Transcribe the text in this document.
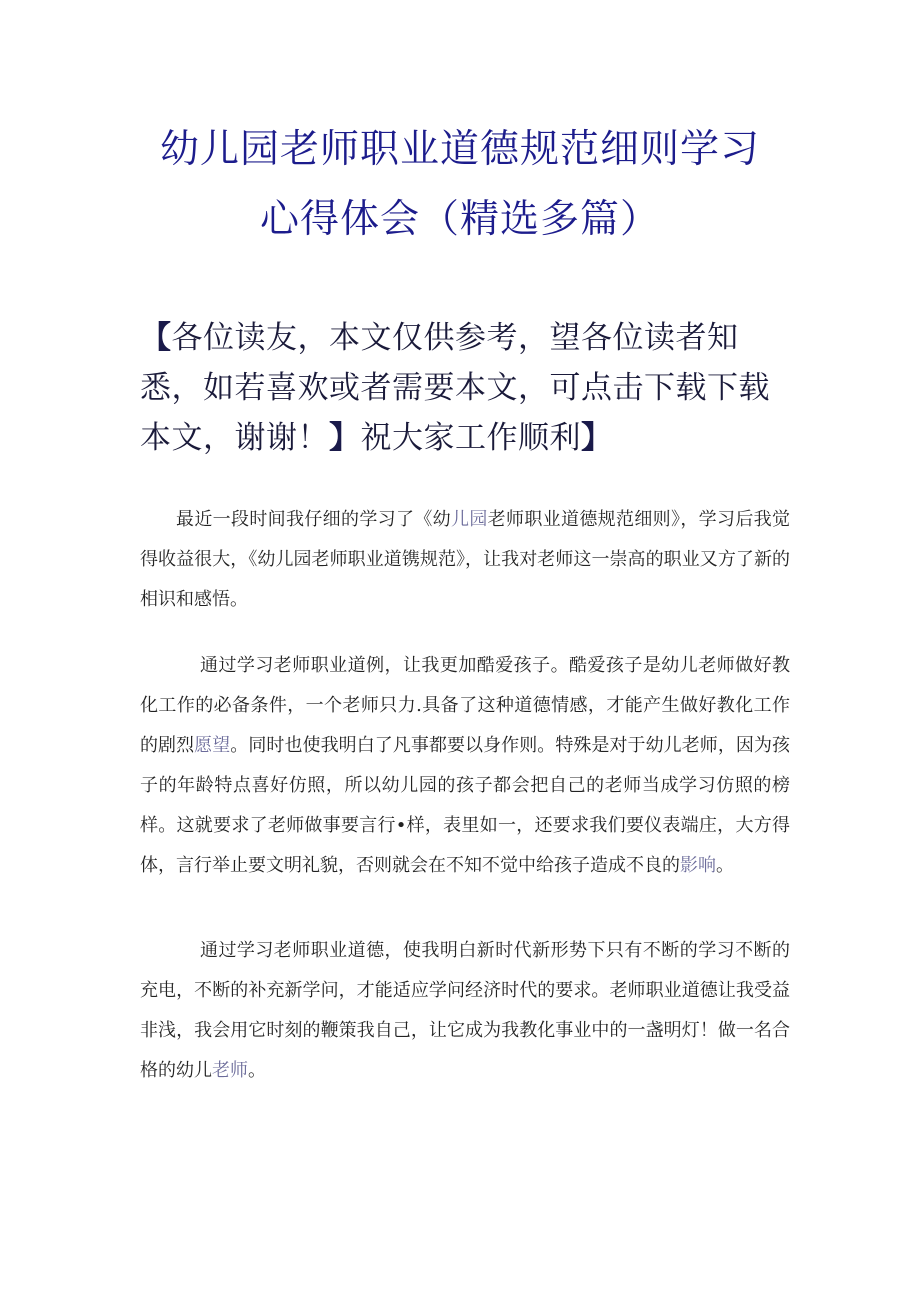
幼儿园老师职业道德规范细则学习
心得体会（精选多篇）

【各位读友，本文仅供参考，望各位读者知悉，如若喜欢或者需要本文，可点击下载下载本文，谢谢！】祝大家工作顺利】

最近一段时间我仔细的学习了《幼儿园老师职业道德规范细则》，学习后我觉得收益很大，《幼儿园老师职业道镌规范》，让我对老师这一崇高的职业又方了新的相识和感悟。

通过学习老师职业道例，让我更加酷爱孩子。酷爱孩子是幼儿老师做好教化工作的必备条件，一个老师只力.具备了这种道德情感，才能产生做好教化工作的剧烈愿望。同时也使我明白了凡事都要以身作则。特殊是对于幼儿老师，因为孩子的年龄特点喜好仿照，所以幼儿园的孩子都会把自己的老师当成学习仿照的榜样。这就要求了老师做事要言行•样，表里如一，还要求我们要仪表端庄，大方得体，言行举止要文明礼貌，否则就会在不知不觉中给孩子造成不良的影响。

通过学习老师职业道德，使我明白新时代新形势下只有不断的学习不断的充电，不断的补充新学问，才能适应学问经济时代的要求。老师职业道德让我受益非浅，我会用它时刻的鞭策我自己，让它成为我教化事业中的一盏明灯！做一名合格的幼儿老师。
